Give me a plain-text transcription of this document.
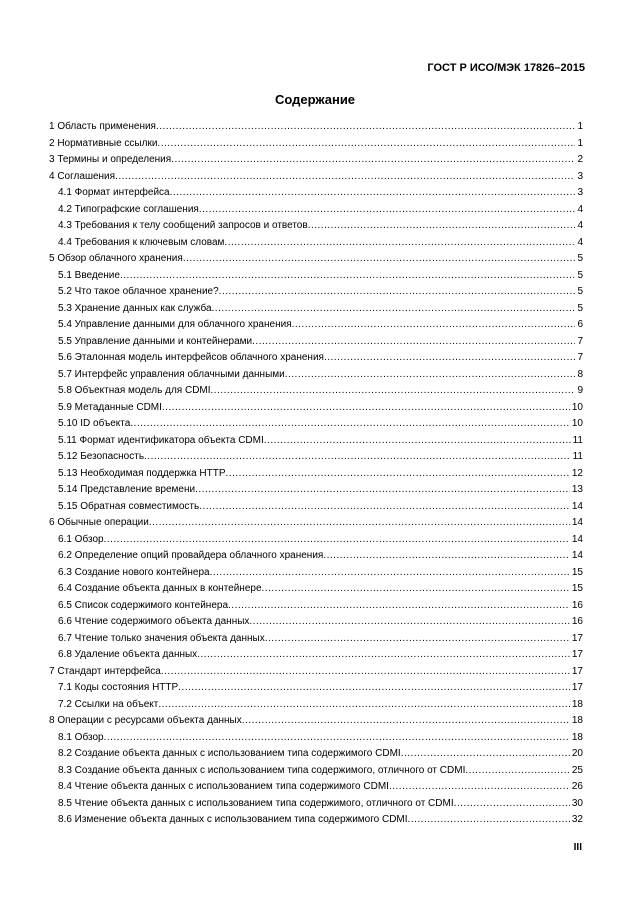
ГОСТ Р ИСО/МЭК 17826–2015
Содержание
1 Область применения .....	1
2 Нормативные ссылки .....	1
3 Термины и определения .....	2
4 Соглашения .....	3
4.1 Формат интерфейса .....	3
4.2 Типографские соглашения .....	4
4.3 Требования к телу сообщений запросов и ответов .....	4
4.4 Требования к ключевым словам .....	4
5 Обзор облачного хранения .....	5
5.1 Введение .....	5
5.2 Что такое облачное хранение? .....	5
5.3 Хранение данных как служба .....	5
5.4 Управление данными для облачного хранения .....	6
5.5 Управление данными и контейнерами .....	7
5.6 Эталонная модель интерфейсов облачного хранения .....	7
5.7 Интерфейс управления облачными данными .....	8
5.8 Объектная модель для CDMI .....	9
5.9 Метаданные CDMI .....	10
5.10 ID объекта .....	10
5.11 Формат идентификатора объекта CDMI .....	11
5.12 Безопасность .....	11
5.13 Необходимая поддержка HTTP .....	12
5.14 Представление времени .....	13
5.15 Обратная совместимость .....	14
6 Обычные операции .....	14
6.1 Обзор .....	14
6.2 Определение опций провайдера облачного хранения .....	14
6.3 Создание нового контейнера .....	15
6.4 Создание объекта данных в контейнере .....	15
6.5 Список содержимого контейнера .....	16
6.6 Чтение содержимого объекта данных .....	16
6.7 Чтение только значения объекта данных .....	17
6.8 Удаление объекта данных .....	17
7 Стандарт интерфейса .....	17
7.1 Коды состояния HTTP .....	17
7.2 Ссылки на объект .....	18
8 Операции с ресурсами объекта данных .....	18
8.1 Обзор .....	18
8.2 Создание объекта данных с использованием типа содержимого CDMI .....	20
8.3 Создание объекта данных с использованием типа содержимого, отличного от CDMI .....	25
8.4 Чтение объекта данных с использованием типа содержимого CDMI .....	26
8.5 Чтение объекта данных с использованием типа содержимого, отличного от CDMI .....	30
8.6 Изменение объекта данных с использованием типа содержимого CDMI .....	32
III
